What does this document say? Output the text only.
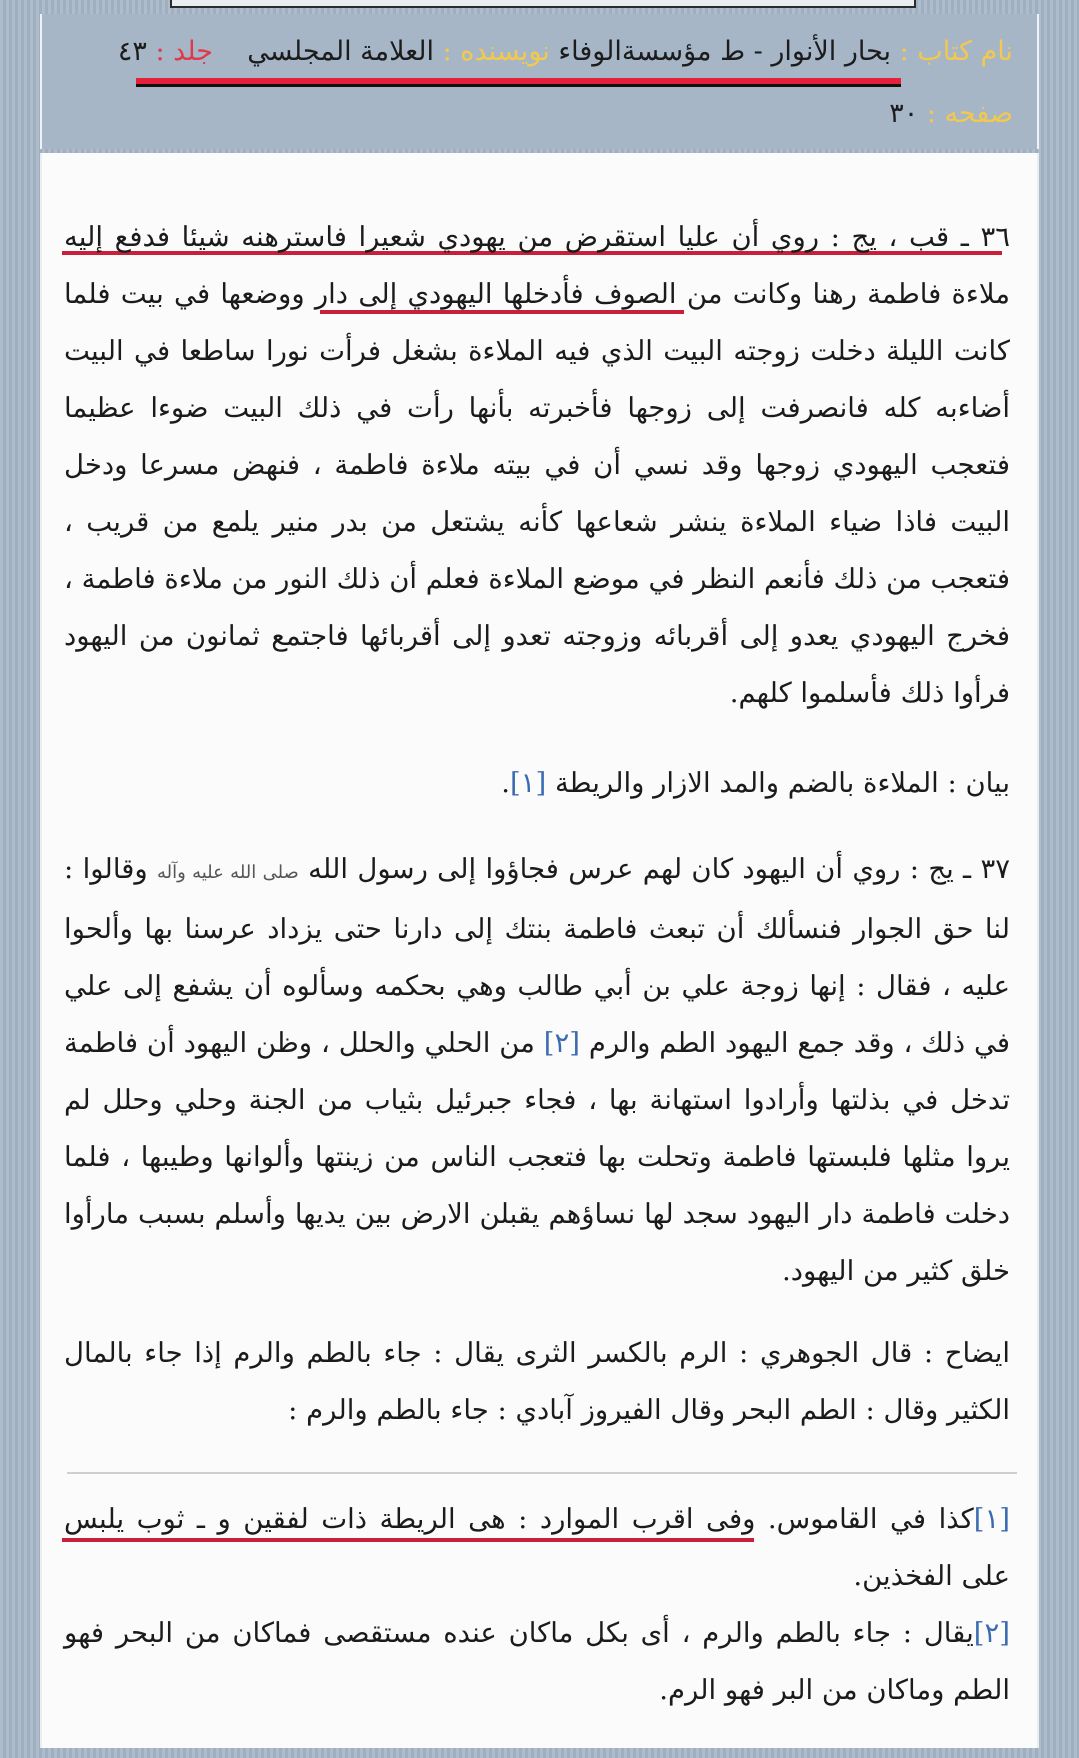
نام كتاب : بحار الأنوار - ط مؤسسةالوفاء نويسنده : العلامة المجلسي    جلد : ٤٣
صفحه : ٣٠
٣٦ ـ قب ، يج : روي أن عليا استقرض من يهودي شعيرا فاسترهنه شيئا فدفع إليه ملاءة فاطمة رهنا وكانت من الصوف فأدخلها اليهودي إلى دار ووضعها في بيت فلما كانت الليلة دخلت زوجته البيت الذي فيه الملاءة بشغل فرأت نورا ساطعا في البيت أضاءبه كله فانصرفت إلى زوجها فأخبرته بأنها رأت في ذلك البيت ضوءا عظيما فتعجب اليهودي زوجها وقد نسي أن في بيته ملاءة فاطمة ، فنهض مسرعا ودخل البيت فاذا ضياء الملاءة ينشر شعاعها كأنه يشتعل من بدر منير يلمع من قريب ، فتعجب من ذلك فأنعم النظر في موضع الملاءة فعلم أن ذلك النور من ملاءة فاطمة ، فخرج اليهودي يعدو إلى أقربائه وزوجته تعدو إلى أقربائها فاجتمع ثمانون من اليهود فرأوا ذلك فأسلموا كلهم.
بيان : الملاءة بالضم والمد الازار والريطة [١].
٣٧ ـ يج : روي أن اليهود كان لهم عرس فجاؤوا إلى رسول الله صلى الله عليه وآله وقالوا : لنا حق الجوار فنسألك أن تبعث فاطمة بنتك إلى دارنا حتى يزداد عرسنا بها وألحوا عليه ، فقال : إنها زوجة علي بن أبي طالب وهي بحكمه وسألوه أن يشفع إلى علي في ذلك ، وقد جمع اليهود الطم والرم [٢] من الحلي والحلل ، وظن اليهود أن فاطمة تدخل في بذلتها وأرادوا استهانة بها ، فجاء جبرئيل بثياب من الجنة وحلي وحلل لم يروا مثلها فلبستها فاطمة وتحلت بها فتعجب الناس من زينتها وألوانها وطيبها ، فلما دخلت فاطمة دار اليهود سجد لها نساؤهم يقبلن الارض بين يديها وأسلم بسبب مارأوا خلق كثير من اليهود.
ايضاح : قال الجوهري : الرم بالكسر الثرى يقال : جاء بالطم والرم إذا جاء بالمال الكثير وقال : الطم البحر وقال الفيروز آبادي : جاء بالطم والرم :
[١]كذا في القاموس. وفى اقرب الموارد : هى الريطة ذات لفقين و ـ ثوب يلبس على الفخذين.
[٢]يقال : جاء بالطم والرم ، أى بكل ماكان عنده مستقصى فماكان من البحر فهو الطم وماكان من البر فهو الرم.
